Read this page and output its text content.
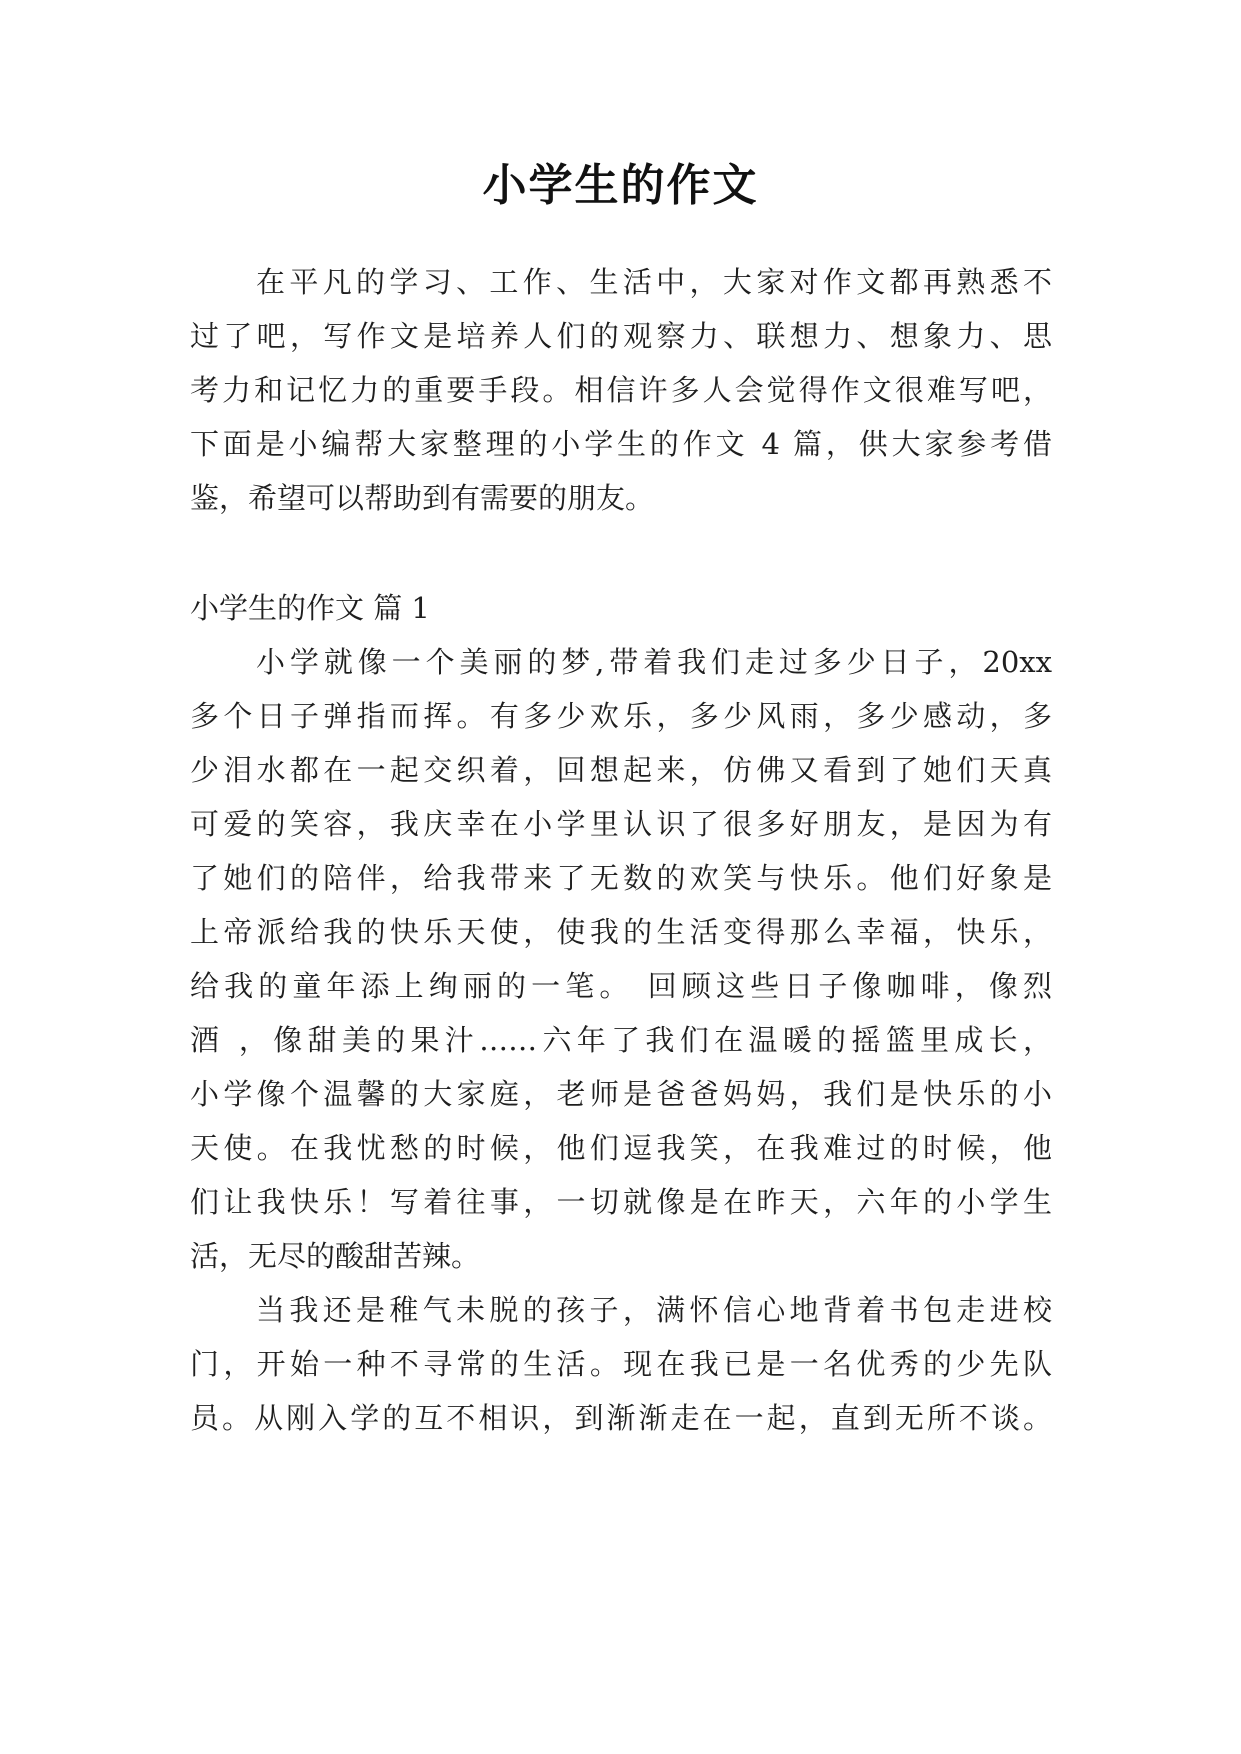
小学生的作文
在平凡的学习、工作、生活中，大家对作文都再熟悉不
过了吧，写作文是培养人们的观察力、联想力、想象力、思
考力和记忆力的重要手段。相信许多人会觉得作文很难写吧，
下面是小编帮大家整理的小学生的作文 4 篇，供大家参考借
鉴，希望可以帮助到有需要的朋友。
小学生的作文 篇 1
小学就像一个美丽的梦,带着我们走过多少日子，20xx
多个日子弹指而挥。有多少欢乐，多少风雨，多少感动，多
少泪水都在一起交织着，回想起来，仿佛又看到了她们天真
可爱的笑容，我庆幸在小学里认识了很多好朋友，是因为有
了她们的陪伴，给我带来了无数的欢笑与快乐。他们好象是
上帝派给我的快乐天使，使我的生活变得那么幸福，快乐，
给我的童年添上绚丽的一笔。 回顾这些日子像咖啡，像烈
酒 ，像甜美的果汁……六年了我们在温暖的摇篮里成长，
小学像个温馨的大家庭，老师是爸爸妈妈，我们是快乐的小
天使。在我忧愁的时候，他们逗我笑，在我难过的时候，他
们让我快乐！写着往事，一切就像是在昨天，六年的小学生
活，无尽的酸甜苦辣。
当我还是稚气未脱的孩子，满怀信心地背着书包走进校
门，开始一种不寻常的生活。现在我已是一名优秀的少先队
员。从刚入学的互不相识，到渐渐走在一起，直到无所不谈。
